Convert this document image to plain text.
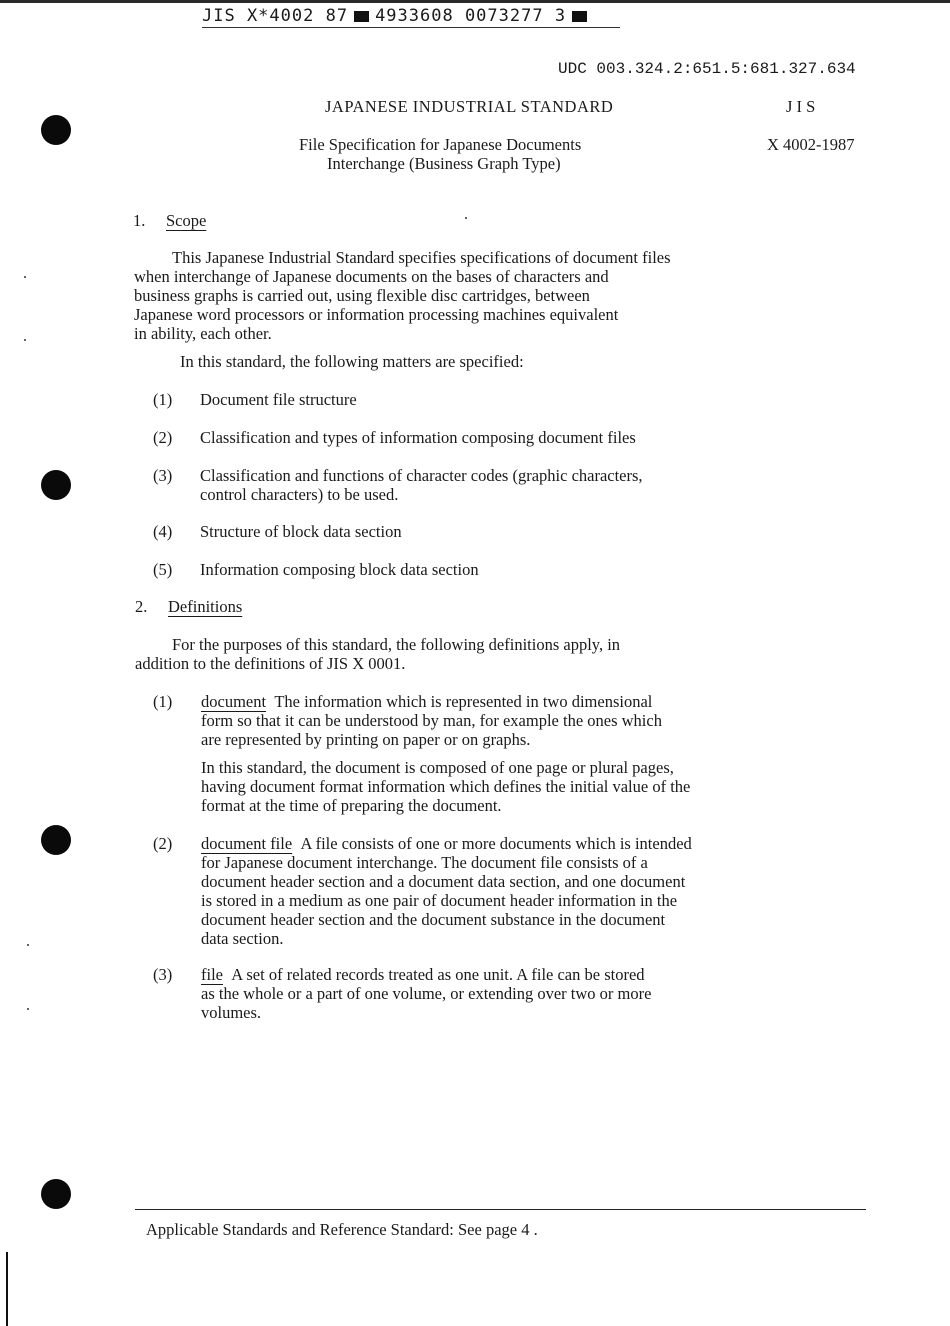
JIS X*4002 87 4933608 0073277 3
UDC 003.324.2:651.5:681.327.634
JAPANESE INDUSTRIAL STANDARD	J I S
File Specification for Japanese Documents
Interchange (Business Graph Type)
X 4002-1987
1. Scope
This Japanese Industrial Standard specifies specifications of document files
when interchange of Japanese documents on the bases of characters and
business graphs is carried out, using flexible disc cartridges, between
Japanese word processors or information processing machines equivalent
in ability, each other.
In this standard, the following matters are specified:
(1) Document file structure
(2) Classification and types of information composing document files
(3) Classification and functions of character codes (graphic characters,
control characters) to be used.
(4) Structure of block data section
(5) Information composing block data section
2. Definitions
For the purposes of this standard, the following definitions apply, in
addition to the definitions of JIS X 0001.
(1) document The information which is represented in two dimensional
form so that it can be understood by man, for example the ones which
are represented by printing on paper or on graphs.
In this standard, the document is composed of one page or plural pages,
having document format information which defines the initial value of the
format at the time of preparing the document.
(2) document file A file consists of one or more documents which is intended
for Japanese document interchange. The document file consists of a
document header section and a document data section, and one document
is stored in a medium as one pair of document header information in the
document header section and the document substance in the document
data section.
(3) file A set of related records treated as one unit. A file can be stored
as the whole or a part of one volume, or extending over two or more
volumes.
Applicable Standards and Reference Standard: See page 4 .
